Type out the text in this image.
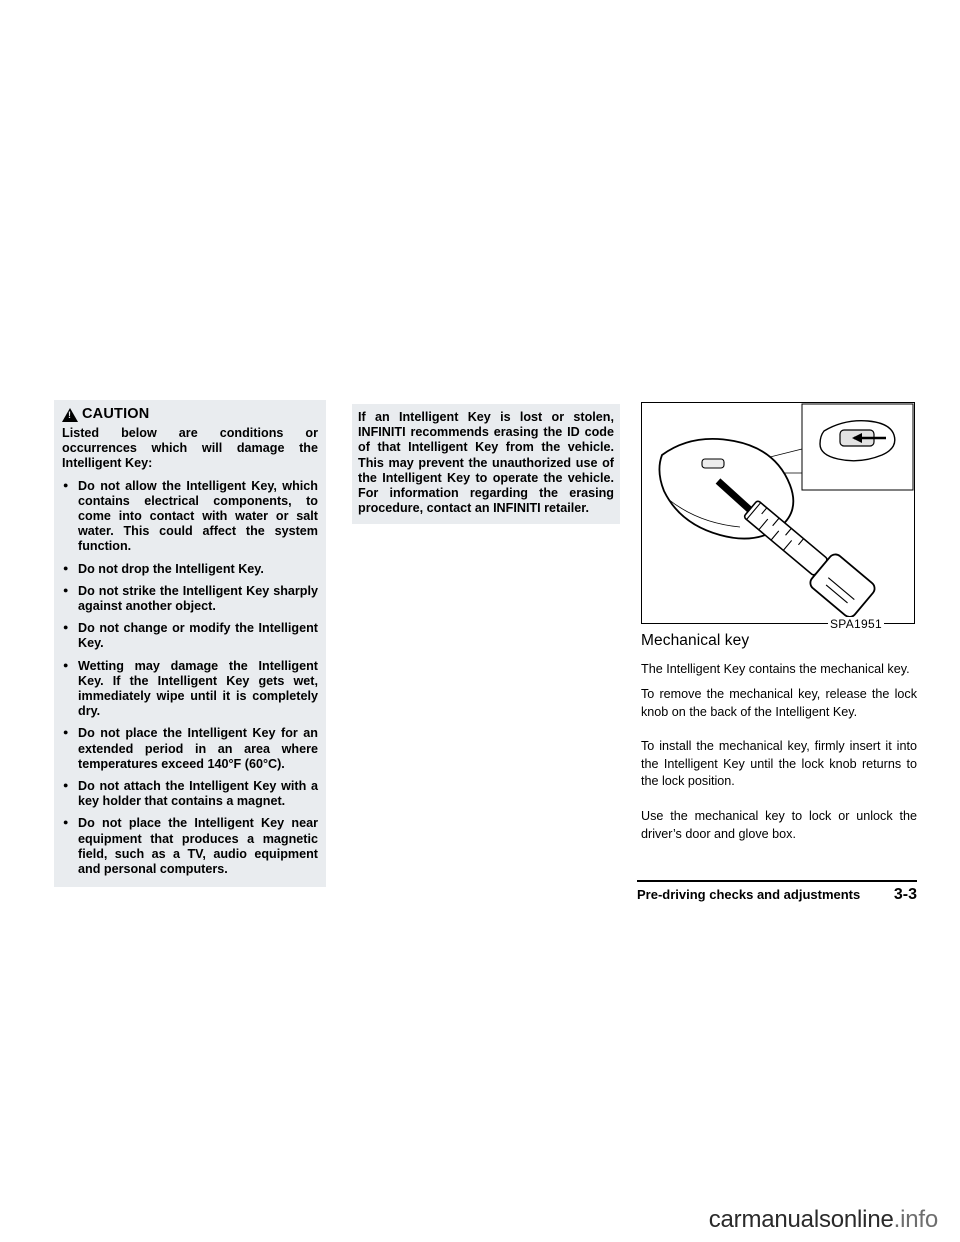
!
CAUTION
Listed below are conditions or occurrences which will damage the Intelligent Key:
● Do not allow the Intelligent Key, which contains electrical components, to come into contact with water or salt water. This could affect the system function.
● Do not drop the Intelligent Key.
● Do not strike the Intelligent Key sharply against another object.
● Do not change or modify the Intelligent Key.
● Wetting may damage the Intelligent Key. If the Intelligent Key gets wet, immediately wipe until it is completely dry.
● Do not place the Intelligent Key for an extended period in an area where temperatures exceed 140°F (60°C).
● Do not attach the Intelligent Key with a key holder that contains a magnet.
● Do not place the Intelligent Key near equipment that produces a magnetic field, such as a TV, audio equipment and personal computers.

If an Intelligent Key is lost or stolen, INFINITI recommends erasing the ID code of that Intelligent Key from the vehicle. This may prevent the unauthorized use of the Intelligent Key to operate the vehicle. For information regarding the erasing procedure, contact an INFINITI retailer.

SPA1951
Mechanical key
The Intelligent Key contains the mechanical key.
To remove the mechanical key, release the lock knob on the back of the Intelligent Key.
To install the mechanical key, firmly insert it into the Intelligent Key until the lock knob returns to the lock position.
Use the mechanical key to lock or unlock the driver’s door and glove box.
Pre-driving checks and adjustments 3-3
carmanualsonline.info
